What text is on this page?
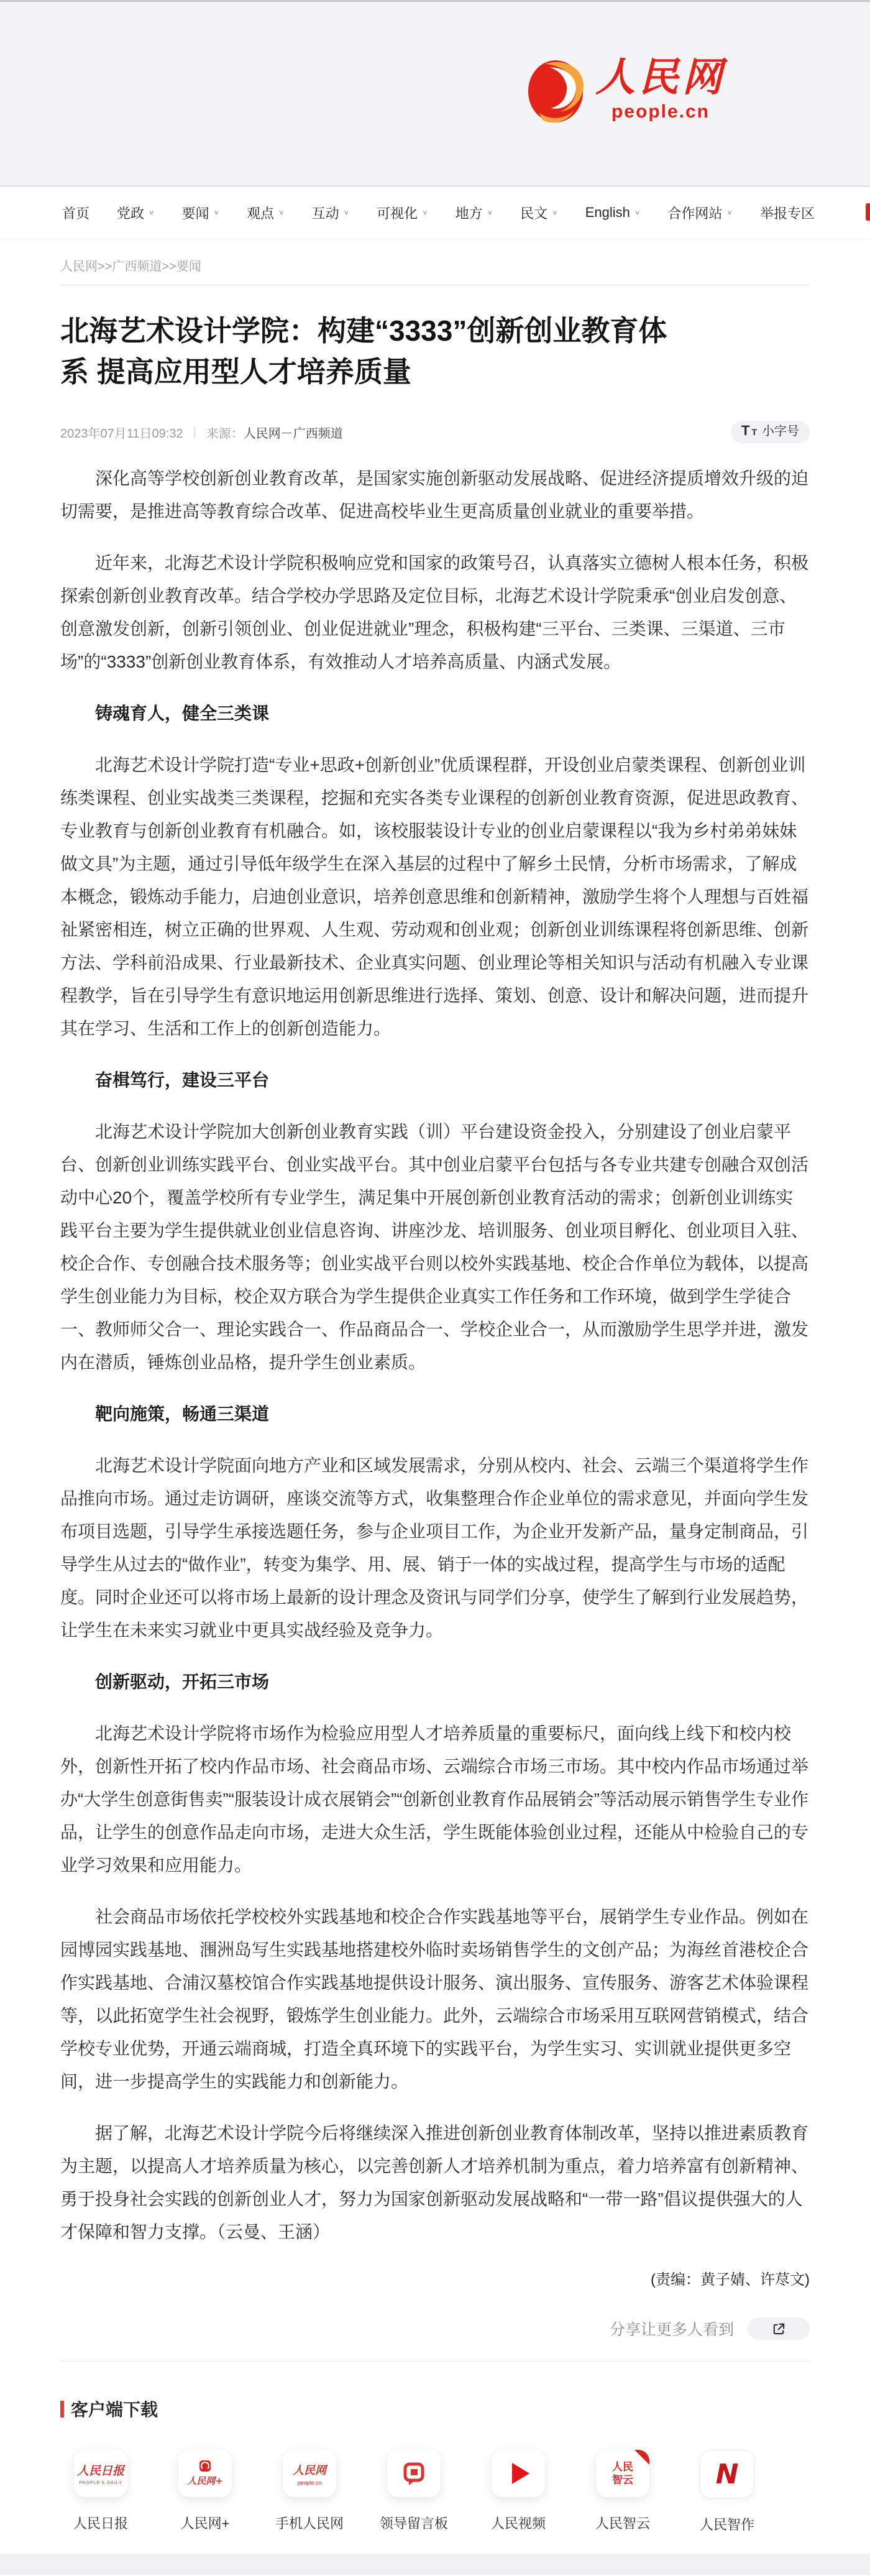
人民网
people.cn
首页 党政 ∨ 要闻 ∨ 观点 ∨ 互动 ∨ 可视化 ∨ 地方 ∨ 民文 ∨ English ∨ 合作网站 ∨ 举报专区
人民网>>广西频道>>要闻
北海艺术设计学院：构建“3333”创新创业教育体
系 提高应用型人才培养质量
2023年07月11日09:32 | 来源： 人民网－广西频道	T T 小字号

深化高等学校创新创业教育改革，是国家实施创新驱动发展战略、促进经济提质增效升级的迫切需要，是推进高等教育综合改革、促进高校毕业生更高质量创业就业的重要举措。

近年来，北海艺术设计学院积极响应党和国家的政策号召，认真落实立德树人根本任务，积极探索创新创业教育改革。结合学校办学思路及定位目标，北海艺术设计学院秉承“创业启发创意、创意激发创新，创新引领创业、创业促进就业”理念，积极构建“三平台、三类课、三渠道、三市场”的“3333”创新创业教育体系，有效推动人才培养高质量、内涵式发展。

铸魂育人，健全三类课

北海艺术设计学院打造“专业+思政+创新创业”优质课程群，开设创业启蒙类课程、创新创业训练类课程、创业实战类三类课程，挖掘和充实各类专业课程的创新创业教育资源，促进思政教育、专业教育与创新创业教育有机融合。如，该校服装设计专业的创业启蒙课程以“我为乡村弟弟妹妹做文具”为主题，通过引导低年级学生在深入基层的过程中了解乡土民情，分析市场需求，了解成本概念，锻炼动手能力，启迪创业意识，培养创意思维和创新精神，激励学生将个人理想与百姓福祉紧密相连，树立正确的世界观、人生观、劳动观和创业观；创新创业训练课程将创新思维、创新方法、学科前沿成果、行业最新技术、企业真实问题、创业理论等相关知识与活动有机融入专业课程教学，旨在引导学生有意识地运用创新思维进行选择、策划、创意、设计和解决问题，进而提升其在学习、生活和工作上的创新创造能力。

奋楫笃行，建设三平台

北海艺术设计学院加大创新创业教育实践（训）平台建设资金投入，分别建设了创业启蒙平台、创新创业训练实践平台、创业实战平台。其中创业启蒙平台包括与各专业共建专创融合双创活动中心20个，覆盖学校所有专业学生，满足集中开展创新创业教育活动的需求；创新创业训练实践平台主要为学生提供就业创业信息咨询、讲座沙龙、培训服务、创业项目孵化、创业项目入驻、校企合作、专创融合技术服务等；创业实战平台则以校外实践基地、校企合作单位为载体，以提高学生创业能力为目标，校企双方联合为学生提供企业真实工作任务和工作环境，做到学生学徒合一、教师师父合一、理论实践合一、作品商品合一、学校企业合一，从而激励学生思学并进，激发内在潜质，锤炼创业品格，提升学生创业素质。

靶向施策，畅通三渠道

北海艺术设计学院面向地方产业和区域发展需求，分别从校内、社会、云端三个渠道将学生作品推向市场。通过走访调研，座谈交流等方式，收集整理合作企业单位的需求意见，并面向学生发布项目选题，引导学生承接选题任务，参与企业项目工作，为企业开发新产品，量身定制商品，引导学生从过去的“做作业”，转变为集学、用、展、销于一体的实战过程，提高学生与市场的适配度。同时企业还可以将市场上最新的设计理念及资讯与同学们分享，使学生了解到行业发展趋势，让学生在未来实习就业中更具实战经验及竞争力。

创新驱动，开拓三市场

北海艺术设计学院将市场作为检验应用型人才培养质量的重要标尺，面向线上线下和校内校外，创新性开拓了校内作品市场、社会商品市场、云端综合市场三市场。其中校内作品市场通过举办“大学生创意街售卖”“服装设计成衣展销会”“创新创业教育作品展销会”等活动展示销售学生专业作品，让学生的创意作品走向市场，走进大众生活，学生既能体验创业过程，还能从中检验自己的专业学习效果和应用能力。

社会商品市场依托学校校外实践基地和校企合作实践基地等平台，展销学生专业作品。例如在园博园实践基地、涠洲岛写生实践基地搭建校外临时卖场销售学生的文创产品；为海丝首港校企合作实践基地、合浦汉墓校馆合作实践基地提供设计服务、演出服务、宣传服务、游客艺术体验课程等，以此拓宽学生社会视野，锻炼学生创业能力。此外，云端综合市场采用互联网营销模式，结合学校专业优势，开通云端商城，打造全真环境下的实践平台，为学生实习、实训就业提供更多空间，进一步提高学生的实践能力和创新能力。

据了解，北海艺术设计学院今后将继续深入推进创新创业教育体制改革，坚持以推进素质教育为主题，以提高人才培养质量为核心，以完善创新人才培养机制为重点，着力培养富有创新精神、勇于投身社会实践的创新创业人才，努力为国家创新驱动发展战略和“一带一路”倡议提供强大的人才保障和智力支撑。（云曼、王涵）

(责编：黄子婧、许荩文)
分享让更多人看到
客户端下载
人民日报
PEOPLE'S DAILY
人民日报
人民网+
人民网+
人民网
people.cn
手机人民网	领导留言板	人民视频
人民智云
人民智云
N
人民智作
